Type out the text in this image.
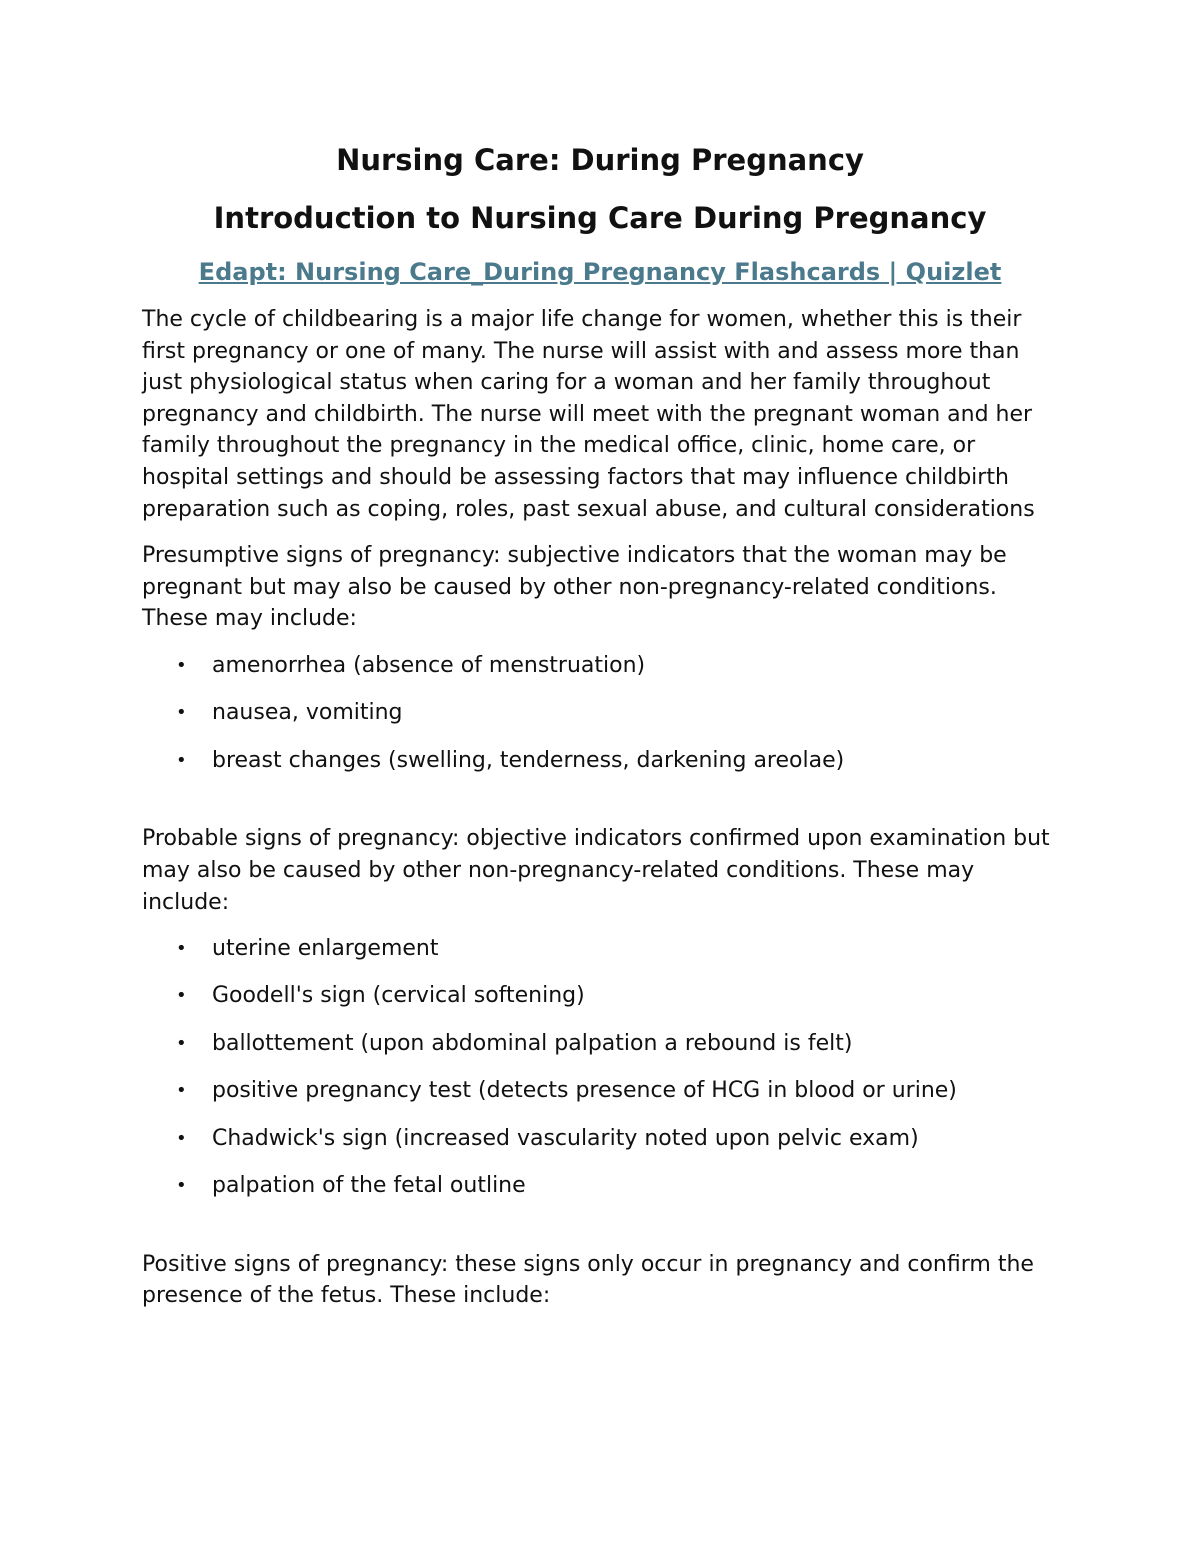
Nursing Care: During Pregnancy
Introduction to Nursing Care During Pregnancy
Edapt: Nursing Care_During Pregnancy Flashcards | Quizlet

The cycle of childbearing is a major life change for women, whether this is their first pregnancy or one of many. The nurse will assist with and assess more than just physiological status when caring for a woman and her family throughout pregnancy and childbirth. The nurse will meet with the pregnant woman and her family throughout the pregnancy in the medical office, clinic, home care, or hospital settings and should be assessing factors that may influence childbirth preparation such as coping, roles, past sexual abuse, and cultural considerations

Presumptive signs of pregnancy: subjective indicators that the woman may be pregnant but may also be caused by other non-pregnancy-related conditions. These may include:

•	amenorrhea (absence of menstruation)
•	nausea, vomiting
•	breast changes (swelling, tenderness, darkening areolae)

Probable signs of pregnancy: objective indicators confirmed upon examination but may also be caused by other non-pregnancy-related conditions. These may include:

•	uterine enlargement
•	Goodell's sign (cervical softening)
•	ballottement (upon abdominal palpation a rebound is felt)
•	positive pregnancy test (detects presence of HCG in blood or urine)
•	Chadwick's sign (increased vascularity noted upon pelvic exam)
•	palpation of the fetal outline

Positive signs of pregnancy: these signs only occur in pregnancy and confirm the presence of the fetus. These include:
